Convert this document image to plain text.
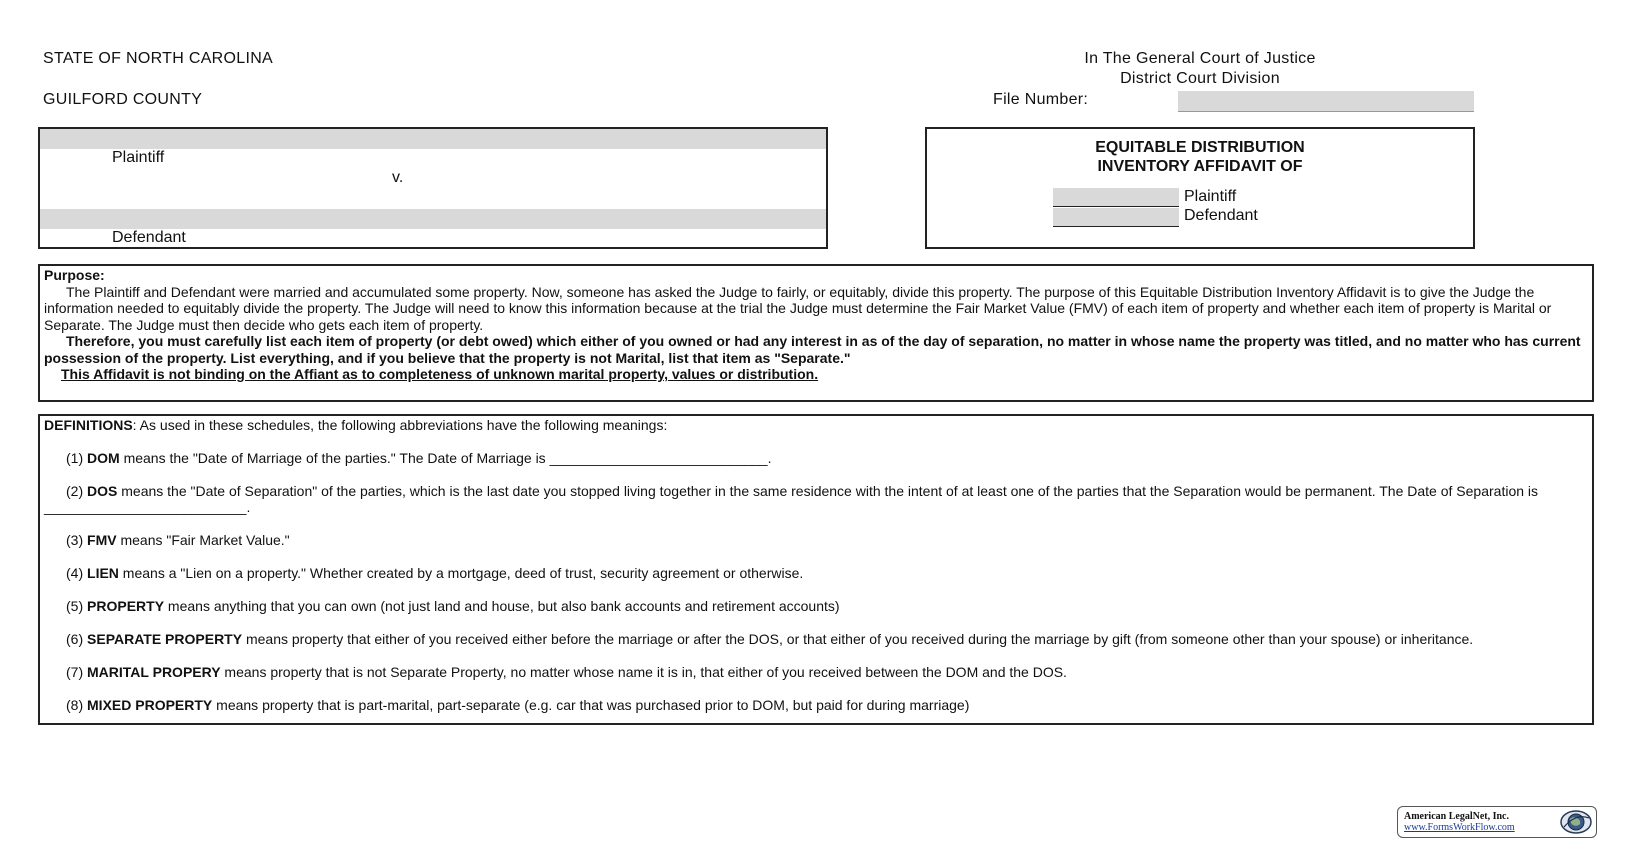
STATE OF NORTH CAROLINA
GUILFORD COUNTY
In The General Court of Justice
District Court Division
File Number:
Plaintiff
v.
Defendant
EQUITABLE DISTRIBUTION
INVENTORY AFFIDAVIT OF
Plaintiff
Defendant

Purpose:

The Plaintiff and Defendant were married and accumulated some property. Now, someone has asked the Judge to fairly, or equitably, divide this property. The purpose of this Equitable Distribution Inventory Affidavit is to give the Judge the information needed to equitably divide the property. The Judge will need to know this information because at the trial the Judge must determine the Fair Market Value (FMV) of each item of property and whether each item of property is Marital or Separate. The Judge must then decide who gets each item of property.

Therefore, you must carefully list each item of property (or debt owed) which either of you owned or had any interest in as of the day of separation, no matter in whose name the property was titled, and no matter who has current possession of the property. List everything, and if you believe that the property is not Marital, list that item as "Separate."

This Affidavit is not binding on the Affiant as to completeness of unknown marital property, values or distribution.

DEFINITIONS: As used in these schedules, the following abbreviations have the following meanings:

(1) DOM means the "Date of Marriage of the parties." The Date of Marriage is ____________________________.

(2) DOS means the "Date of Separation" of the parties, which is the last date you stopped living together in the same residence with the intent of at least one of the parties that the Separation would be permanent. The Date of Separation is __________________________.

(3) FMV means "Fair Market Value."

(4) LIEN means a "Lien on a property." Whether created by a mortgage, deed of trust, security agreement or otherwise.

(5) PROPERTY means anything that you can own (not just land and house, but also bank accounts and retirement accounts)

(6) SEPARATE PROPERTY means property that either of you received either before the marriage or after the DOS, or that either of you received during the marriage by gift (from someone other than your spouse) or inheritance.

(7) MARITAL PROPERY means property that is not Separate Property, no matter whose name it is in, that either of you received between the DOM and the DOS.

(8) MIXED PROPERTY means property that is part-marital, part-separate (e.g. car that was purchased prior to DOM, but paid for during marriage)

American LegalNet, Inc.
www.FormsWorkFlow.com
